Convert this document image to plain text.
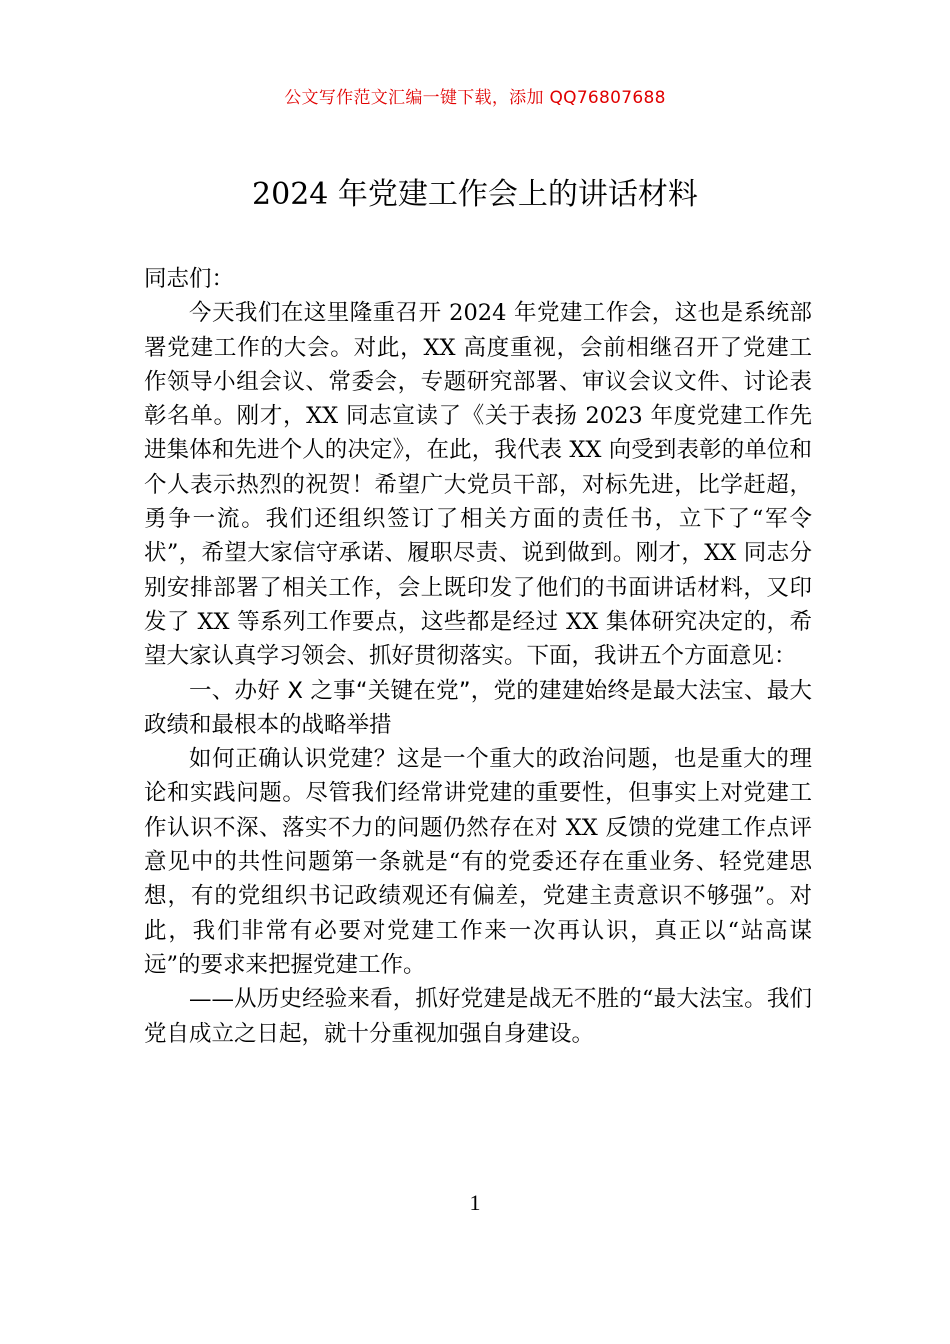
公文写作范文汇编一键下载，添加 QQ76807688
2024 年党建工作会上的讲话材料

同志们：

今天我们在这里隆重召开 2024 年党建工作会，这也是系统部署党建工作的大会。对此，XX 高度重视，会前相继召开了党建工作领导小组会议、常委会，专题研究部署、审议会议文件、讨论表彰名单。刚才，XX 同志宣读了《关于表扬 2023 年度党建工作先进集体和先进个人的决定》，在此，我代表 XX 向受到表彰的单位和个人表示热烈的祝贺！希望广大党员干部，对标先进，比学赶超，勇争一流。我们还组织签订了相关方面的责任书，立下了“军令状”，希望大家信守承诺、履职尽责、说到做到。刚才，XX 同志分别安排部署了相关工作，会上既印发了他们的书面讲话材料，又印发了 XX 等系列工作要点，这些都是经过 XX 集体研究决定的，希望大家认真学习领会、抓好贯彻落实。下面，我讲五个方面意见：

一、办好 X 之事“关键在党”，党的建建始终是最大法宝、最大政绩和最根本的战略举措

如何正确认识党建？这是一个重大的政治问题，也是重大的理论和实践问题。尽管我们经常讲党建的重要性，但事实上对党建工作认识不深、落实不力的问题仍然存在对 XX 反馈的党建工作点评意见中的共性问题第一条就是“有的党委还存在重业务、轻党建思想，有的党组织书记政绩观还有偏差，党建主责意识不够强”。对此，我们非常有必要对党建工作来一次再认识，真正以“站高谋远”的要求来把握党建工作。

——从历史经验来看，抓好党建是战无不胜的“最大法宝。我们党自成立之日起，就十分重视加强自身建设。

1
